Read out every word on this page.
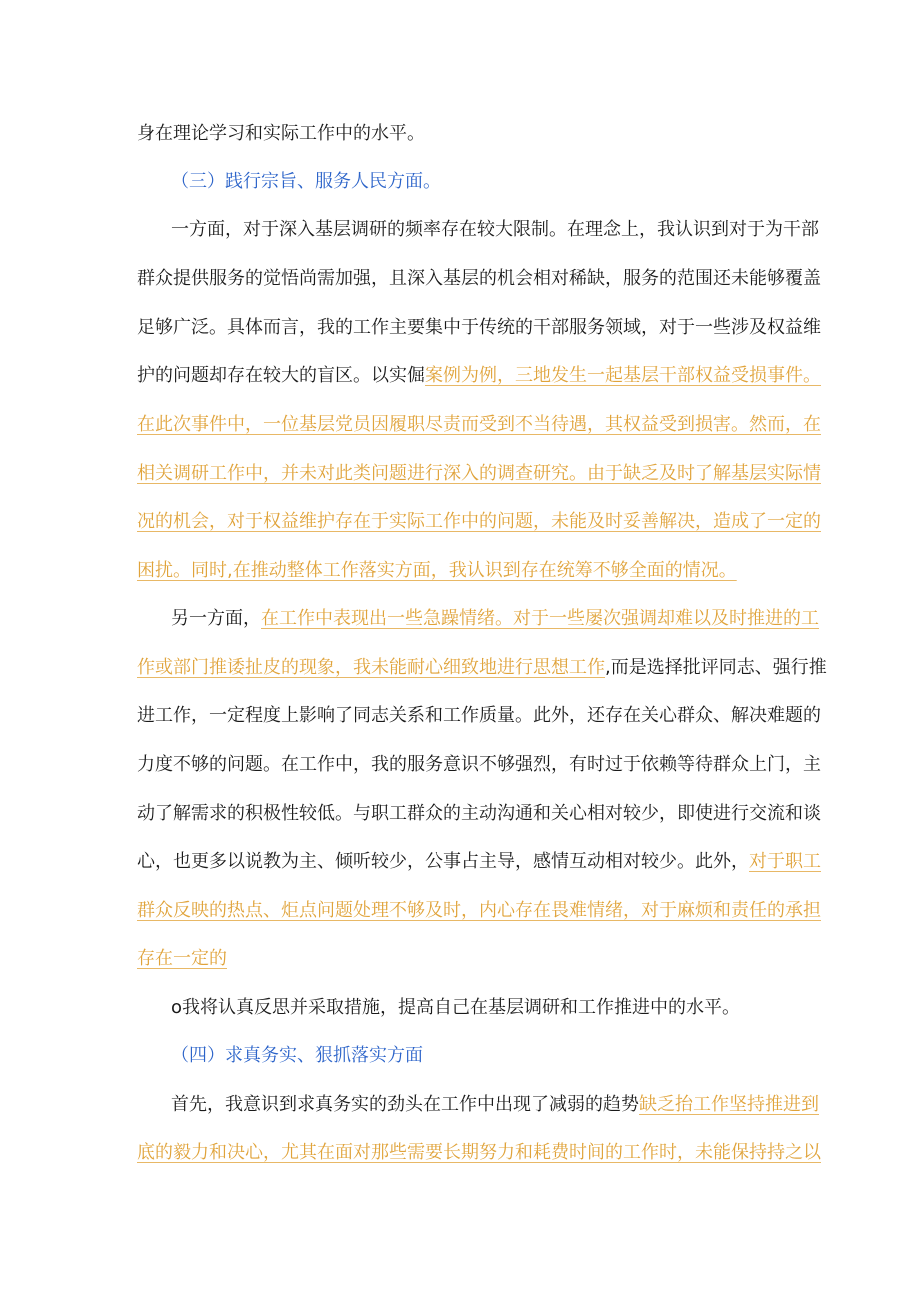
身在理论学习和实际工作中的水平。
（三）践行宗旨、服务人民方面。
一方面，对于深入基层调研的频率存在较大限制。在理念上，我认识到对于为干部
群众提供服务的觉悟尚需加强，且深入基层的机会相对稀缺，服务的范围还未能够覆盖
足够广泛。具体而言，我的工作主要集中于传统的干部服务领域，对于一些涉及权益维
护的问题却存在较大的盲区。以实倔案例为例，三地发生一起基层干部权益受损事件。
在此次事件中，一位基层党员因履职尽责而受到不当待遇，其权益受到损害。然而，在
相关调研工作中，并未对此类问题进行深入的调查研究。由于缺乏及时了解基层实际情
况的机会，对于权益维护存在于实际工作中的问题，未能及时妥善解决，造成了一定的
困扰。同时,在推动整体工作落实方面，我认识到存在统筹不够全面的情况。
另一方面，在工作中表现出一些急躁情绪。对于一些屡次强调却难以及时推进的工
作或部门推诿扯皮的现象，我未能耐心细致地进行思想工作,而是选择批评同志、强行推
进工作，一定程度上影响了同志关系和工作质量。此外，还存在关心群众、解决难题的
力度不够的问题。在工作中，我的服务意识不够强烈，有时过于依赖等待群众上门，主
动了解需求的积极性较低。与职工群众的主动沟通和关心相对较少，即使进行交流和谈
心，也更多以说教为主、倾听较少，公事占主导，感情互动相对较少。此外，对于职工
群众反映的热点、炬点问题处理不够及时，内心存在畏难情绪，对于麻烦和责任的承担
存在一定的
o我将认真反思并采取措施，提高自己在基层调研和工作推进中的水平。
（四）求真务实、狠抓落实方面
首先，我意识到求真务实的劲头在工作中出现了减弱的趋势缺乏抬工作坚持推进到
底的毅力和决心，尤其在面对那些需要长期努力和耗费时间的工作时，未能保持持之以
